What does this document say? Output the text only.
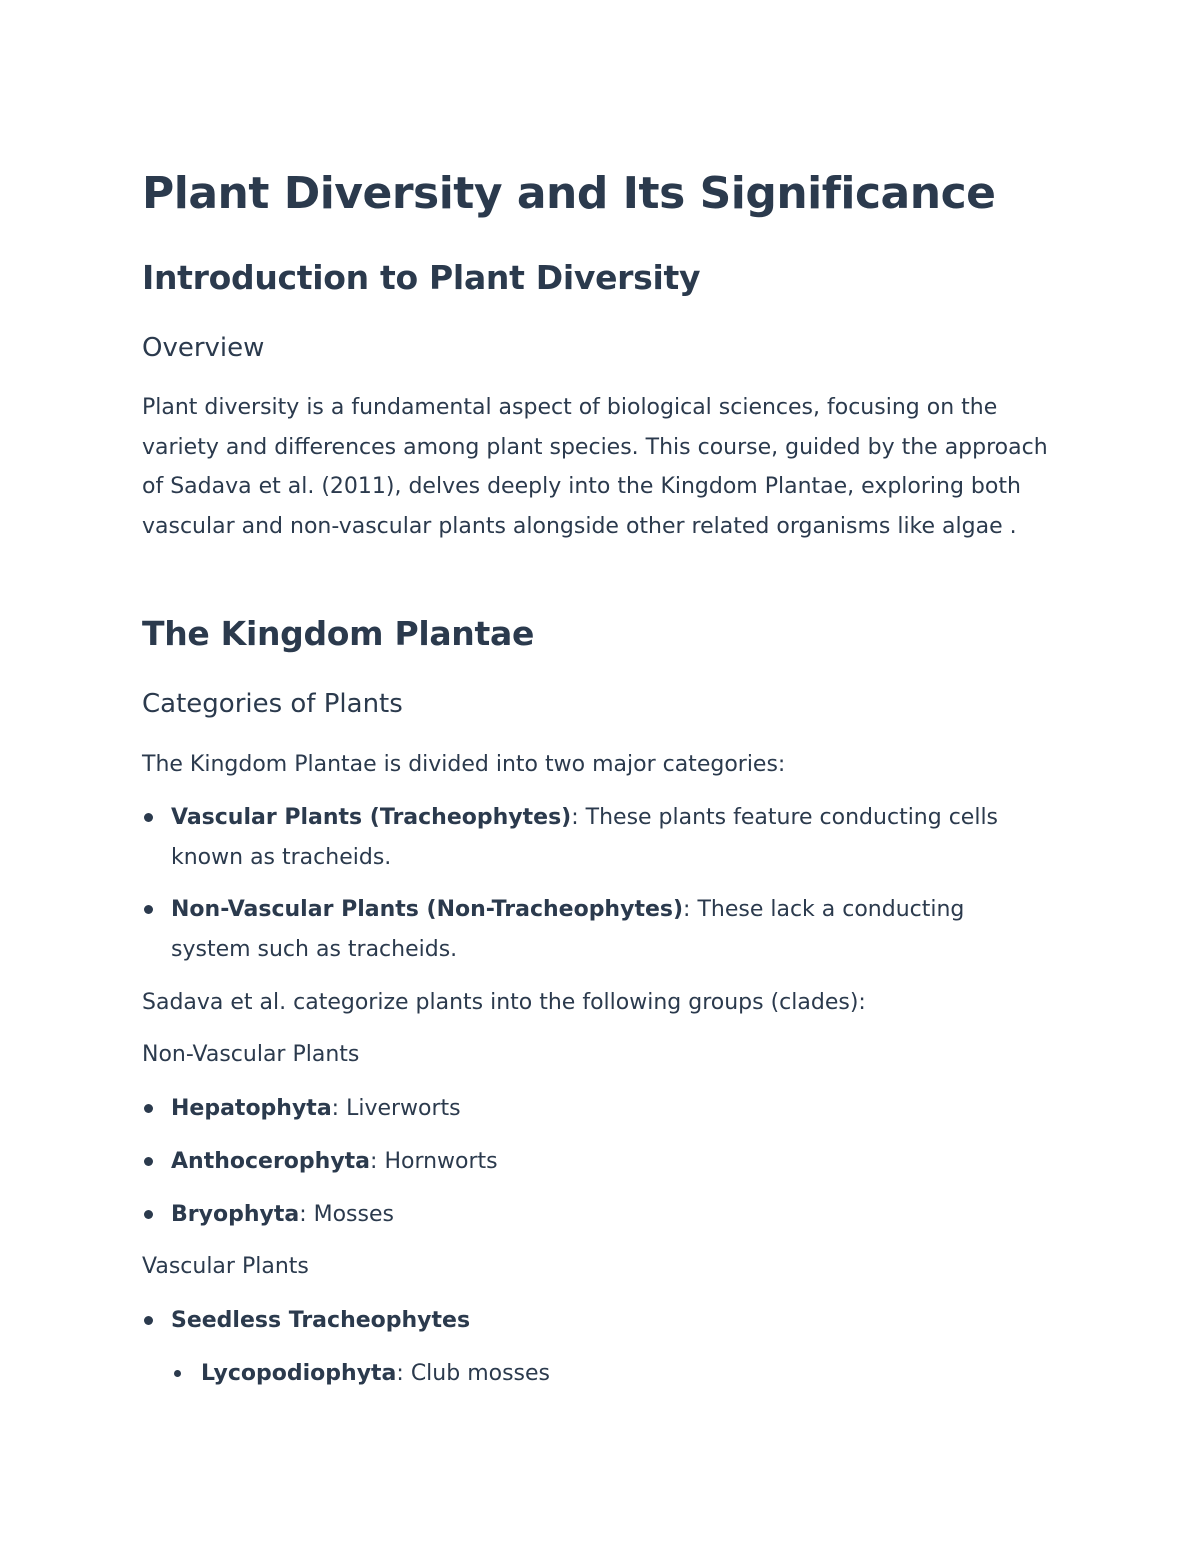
Plant Diversity and Its Significance
Introduction to Plant Diversity
Overview

Plant diversity is a fundamental aspect of biological sciences, focusing on the variety and differences among plant species. This course, guided by the approach of Sadava et al. (2011), delves deeply into the Kingdom Plantae, exploring both vascular and non-vascular plants alongside other related organisms like algae .

The Kingdom Plantae
Categories of Plants

The Kingdom Plantae is divided into two major categories:

Vascular Plants (Tracheophytes): These plants feature conducting cells known as tracheids.
Non-Vascular Plants (Non-Tracheophytes): These lack a conducting system such as tracheids.

Sadava et al. categorize plants into the following groups (clades):

Non-Vascular Plants

Hepatophyta: Liverworts
Anthocerophyta: Hornworts
Bryophyta: Mosses

Vascular Plants

Seedless Tracheophytes
Lycopodiophyta: Club mosses
